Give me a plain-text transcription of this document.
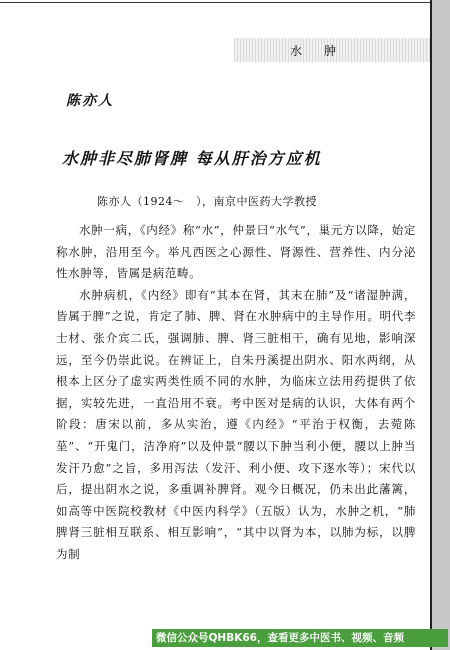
水肿
陈亦人
水肿非尽肺肾脾 每从肝治方应机
陈亦人（1924～　），南京中医药大学教授

水肿一病，《内经》称“水”，仲景曰“水气”，巢元方以降，始定称水肿，沿用至今。举凡西医之心源性、肾源性、营养性、内分泌性水肿等，皆属是病范畴。

水肿病机，《内经》即有“其本在肾，其末在肺”及“诸湿肿满，皆属于脾”之说，肯定了肺、脾、肾在水肿病中的主导作用。明代李士材、张介宾二氏，强调肺、脾、肾三脏相干，确有见地，影响深远，至今仍崇此说。在辨证上，自朱丹溪提出阴水、阳水两纲，从根本上区分了虚实两类性质不同的水肿，为临床立法用药提供了依据，实较先进，一直沿用不衰。考中医对是病的认识，大体有两个阶段：唐宋以前，多从实治，遵《内经》“平治于权衡，去菀陈莝”、“开鬼门，洁净府”以及仲景“腰以下肿当利小便，腰以上肿当发汗乃愈”之旨，多用泻法（发汗、利小便、攻下逐水等）；宋代以后，提出阴水之说，多重调补脾肾。观今日概况，仍未出此藩篱，如高等中医院校教材《中医内科学》（五版）认为，水肿之机，“肺脾肾三脏相互联系、相互影响”，“其中以肾为本，以肺为标，以脾为制

微信公众号QHBK66，查看更多中医书、视频、音频
